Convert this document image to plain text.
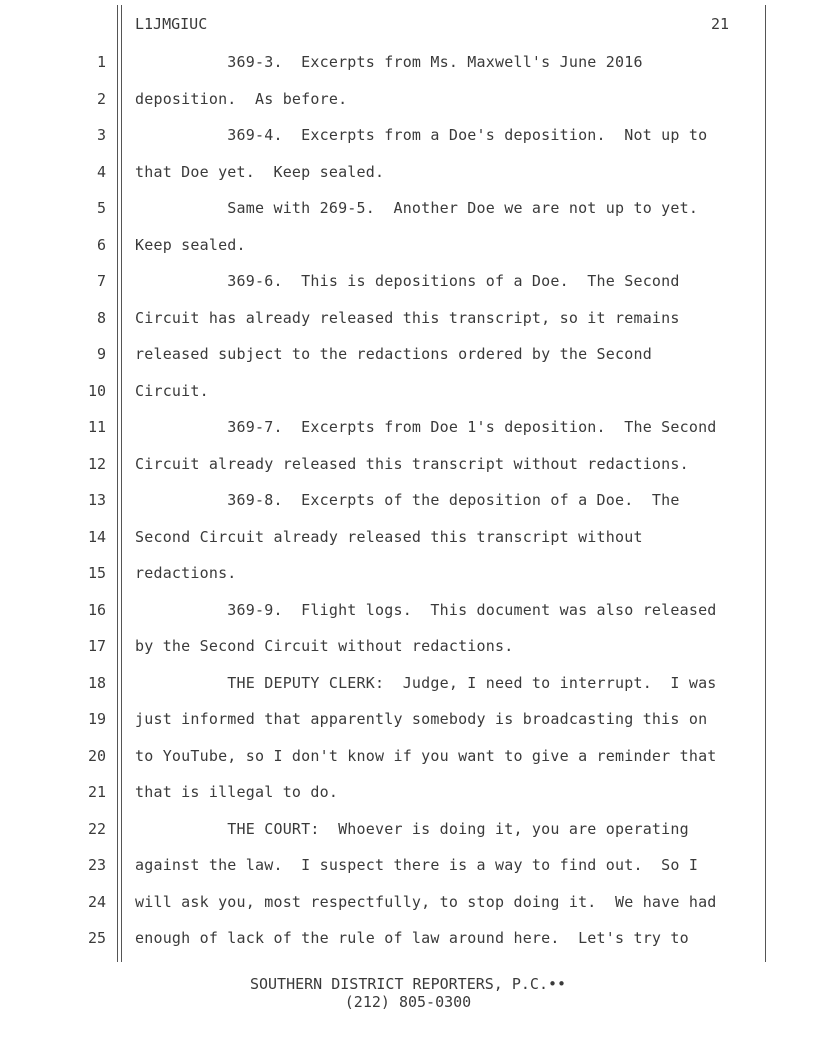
L1JMGIUC	21
1 369-3.  Excerpts from Ms. Maxwell's June 2016
2 deposition.  As before.
3 369-4.  Excerpts from a Doe's deposition.  Not up to
4 that Doe yet.  Keep sealed.
5 Same with 269-5.  Another Doe we are not up to yet.
6 Keep sealed.
7 369-6.  This is depositions of a Doe.  The Second
8 Circuit has already released this transcript, so it remains
9 released subject to the redactions ordered by the Second
10 Circuit.
11 369-7.  Excerpts from Doe 1's deposition.  The Second
12 Circuit already released this transcript without redactions.
13 369-8.  Excerpts of the deposition of a Doe.  The
14 Second Circuit already released this transcript without
15 redactions.
16 369-9.  Flight logs.  This document was also released
17 by the Second Circuit without redactions.
18 THE DEPUTY CLERK:  Judge, I need to interrupt.  I was
19 just informed that apparently somebody is broadcasting this on
20 to YouTube, so I don't know if you want to give a reminder that
21 that is illegal to do.
22 THE COURT:  Whoever is doing it, you are operating
23 against the law.  I suspect there is a way to find out.  So I
24 will ask you, most respectfully, to stop doing it.  We have had
25 enough of lack of the rule of law around here.  Let's try to
SOUTHERN DISTRICT REPORTERS, P.C.••
(212) 805-0300
